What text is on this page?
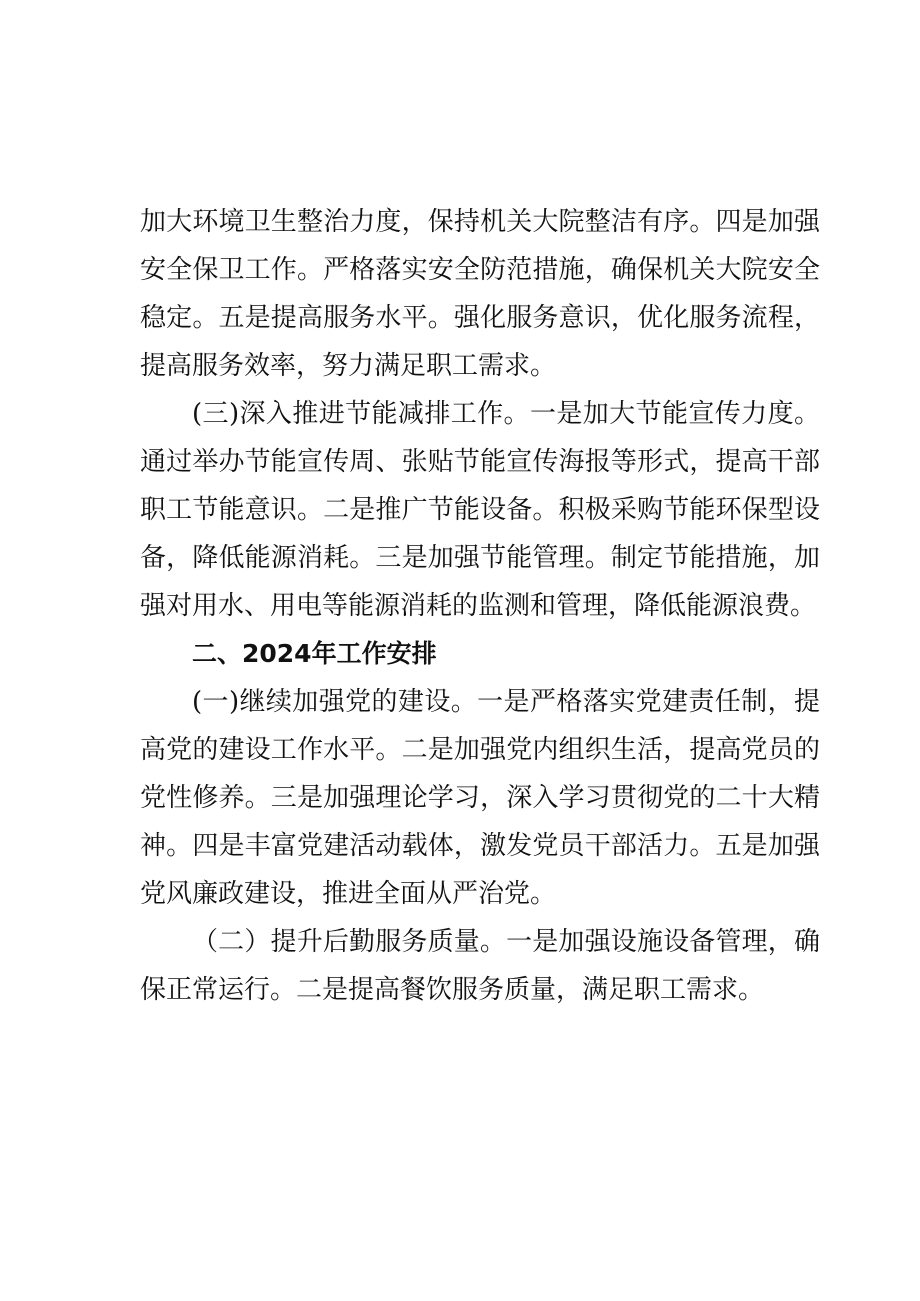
加大环境卫生整治力度，保持机关大院整洁有序。四是加强安全保卫工作。严格落实安全防范措施，确保机关大院安全稳定。五是提高服务水平。强化服务意识，优化服务流程，提高服务效率，努力满足职工需求。

(三)深入推进节能减排工作。一是加大节能宣传力度。通过举办节能宣传周、张贴节能宣传海报等形式，提高干部职工节能意识。二是推广节能设备。积极采购节能环保型设备，降低能源消耗。三是加强节能管理。制定节能措施，加强对用水、用电等能源消耗的监测和管理，降低能源浪费。

二、2024年工作安排

(一)继续加强党的建设。一是严格落实党建责任制，提高党的建设工作水平。二是加强党内组织生活，提高党员的党性修养。三是加强理论学习，深入学习贯彻党的二十大精神。四是丰富党建活动载体，激发党员干部活力。五是加强党风廉政建设，推进全面从严治党。

（二）提升后勤服务质量。一是加强设施设备管理，确保正常运行。二是提高餐饮服务质量，满足职工需求。
